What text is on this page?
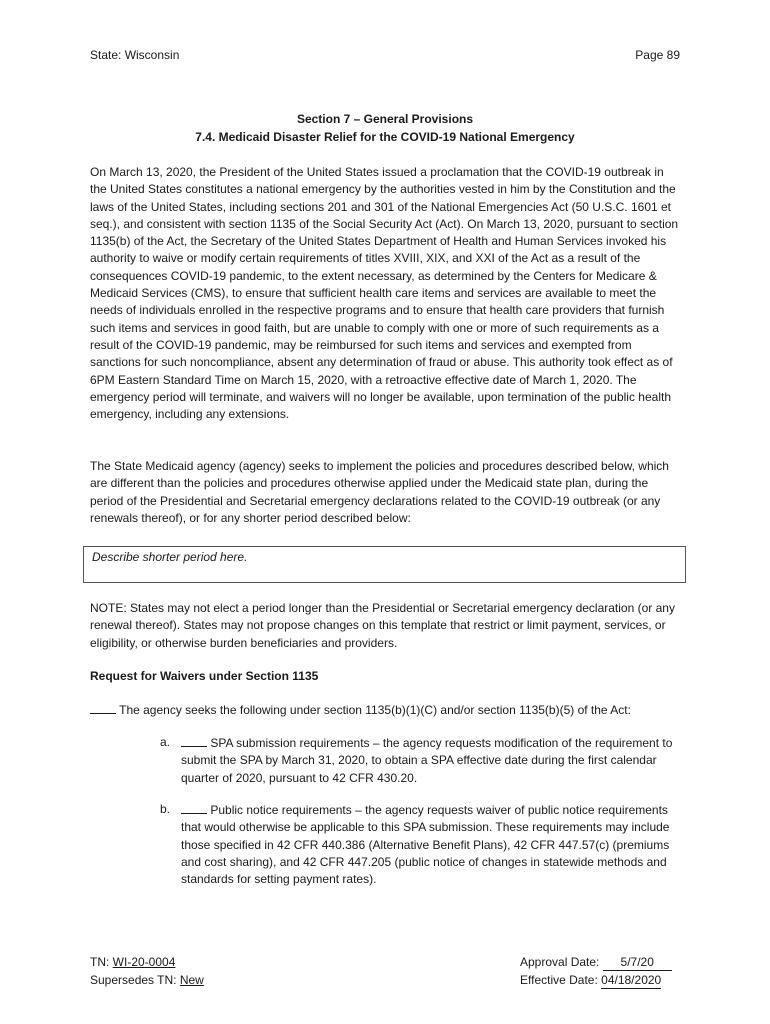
State: Wisconsin	Page 89
Section 7 – General Provisions
7.4. Medicaid Disaster Relief for the COVID-19 National Emergency

On March 13, 2020, the President of the United States issued a proclamation that the COVID-19 outbreak in the United States constitutes a national emergency by the authorities vested in him by the Constitution and the laws of the United States, including sections 201 and 301 of the National Emergencies Act (50 U.S.C. 1601 et seq.), and consistent with section 1135 of the Social Security Act (Act). On March 13, 2020, pursuant to section 1135(b) of the Act, the Secretary of the United States Department of Health and Human Services invoked his authority to waive or modify certain requirements of titles XVIII, XIX, and XXI of the Act as a result of the consequences COVID-19 pandemic, to the extent necessary, as determined by the Centers for Medicare & Medicaid Services (CMS), to ensure that sufficient health care items and services are available to meet the needs of individuals enrolled in the respective programs and to ensure that health care providers that furnish such items and services in good faith, but are unable to comply with one or more of such requirements as a result of the COVID-19 pandemic, may be reimbursed for such items and services and exempted from sanctions for such noncompliance, absent any determination of fraud or abuse. This authority took effect as of 6PM Eastern Standard Time on March 15, 2020, with a retroactive effective date of March 1, 2020. The emergency period will terminate, and waivers will no longer be available, upon termination of the public health emergency, including any extensions.

The State Medicaid agency (agency) seeks to implement the policies and procedures described below, which are different than the policies and procedures otherwise applied under the Medicaid state plan, during the period of the Presidential and Secretarial emergency declarations related to the COVID-19 outbreak (or any renewals thereof), or for any shorter period described below:

Describe shorter period here.

NOTE: States may not elect a period longer than the Presidential or Secretarial emergency declaration (or any renewal thereof). States may not propose changes on this template that restrict or limit payment, services, or eligibility, or otherwise burden beneficiaries and providers.

Request for Waivers under Section 1135

The agency seeks the following under section 1135(b)(1)(C) and/or section 1135(b)(5) of the Act:

a.	SPA submission requirements – the agency requests modification of the requirement to submit the SPA by March 31, 2020, to obtain a SPA effective date during the first calendar quarter of 2020, pursuant to 42 CFR 430.20.

b.	Public notice requirements – the agency requests waiver of public notice requirements that would otherwise be applicable to this SPA submission. These requirements may include those specified in 42 CFR 440.386 (Alternative Benefit Plans), 42 CFR 447.57(c) (premiums and cost sharing), and 42 CFR 447.205 (public notice of changes in statewide methods and standards for setting payment rates).

TN: WI-20-0004
Supersedes TN: New
Approval Date: 5/7/20
Effective Date: 04/18/2020
